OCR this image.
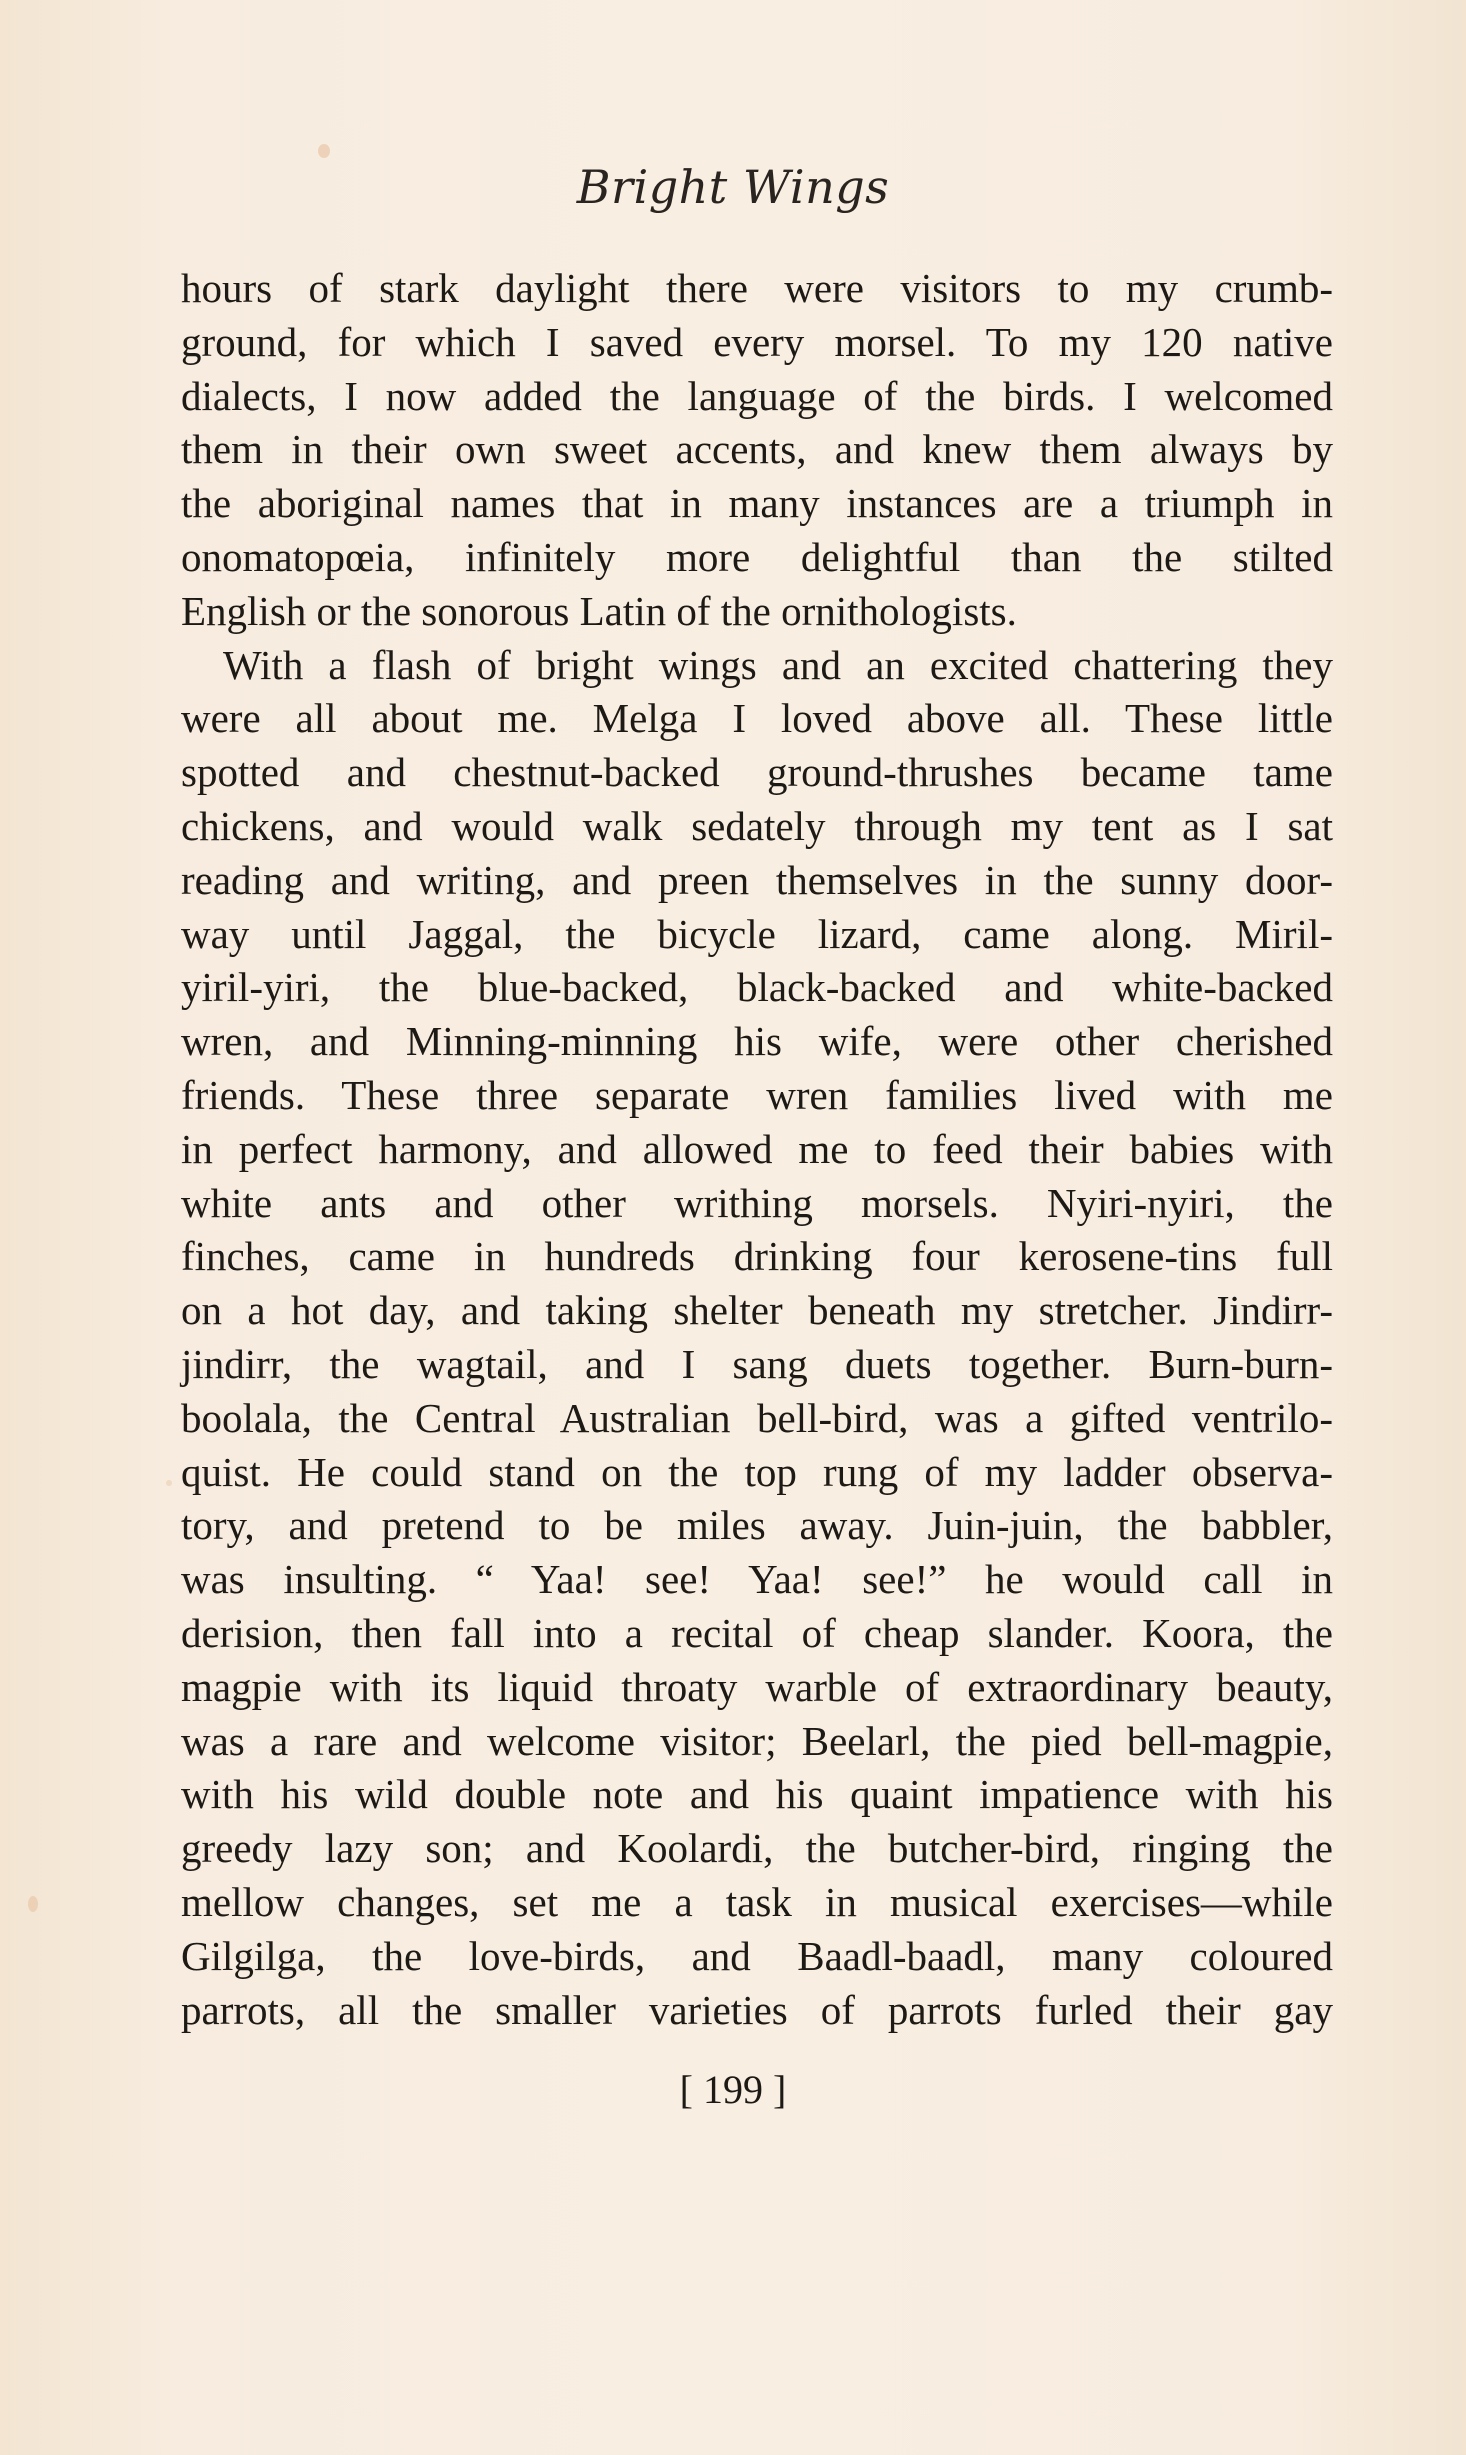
Bright Wings
hours of stark daylight there were visitors to my crumb-
ground, for which I saved every morsel. To my 120 native
dialects, I now added the language of the birds. I welcomed
them in their own sweet accents, and knew them always by
the aboriginal names that in many instances are a triumph in
onomatopœia, infinitely more delightful than the stilted
English or the sonorous Latin of the ornithologists.
With a flash of bright wings and an excited chattering they
were all about me. Melga I loved above all. These little
spotted and chestnut-backed ground-thrushes became tame
chickens, and would walk sedately through my tent as I sat
reading and writing, and preen themselves in the sunny door-
way until Jaggal, the bicycle lizard, came along. Miril-
yiril-yiri, the blue-backed, black-backed and white-backed
wren, and Minning-minning his wife, were other cherished
friends. These three separate wren families lived with me
in perfect harmony, and allowed me to feed their babies with
white ants and other writhing morsels. Nyiri-nyiri, the
finches, came in hundreds drinking four kerosene-tins full
on a hot day, and taking shelter beneath my stretcher. Jindirr-
jindirr, the wagtail, and I sang duets together. Burn-burn-
boolala, the Central Australian bell-bird, was a gifted ventrilo-
quist. He could stand on the top rung of my ladder observa-
tory, and pretend to be miles away. Juin-juin, the babbler,
was insulting. “ Yaa! see! Yaa! see!” he would call in
derision, then fall into a recital of cheap slander. Koora, the
magpie with its liquid throaty warble of extraordinary beauty,
was a rare and welcome visitor; Beelarl, the pied bell-magpie,
with his wild double note and his quaint impatience with his
greedy lazy son; and Koolardi, the butcher-bird, ringing the
mellow changes, set me a task in musical exercises—while
Gilgilga, the love-birds, and Baadl-baadl, many coloured
parrots, all the smaller varieties of parrots furled their gay
[ 199 ]
